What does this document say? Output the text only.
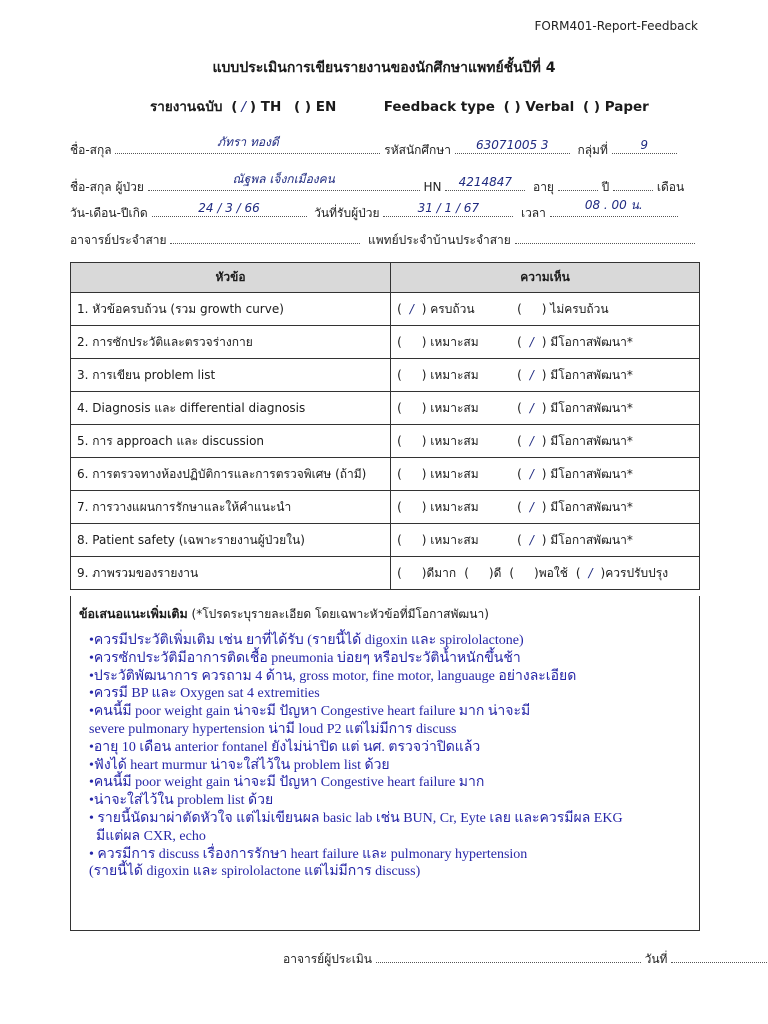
FORM401-Report-Feedback
แบบประเมินการเขียนรายงานของนักศึกษาแพทย์ชั้นปีที่ 4
รายงานฉบับ ( / ) TH ( ) EN	Feedback type ( ) Verbal ( ) Paper
ชื่อ-สกุล
ภัทรา ทองดี
รหัสนักศึกษา	63071005 3	กลุ่มที่	9
ชื่อ-สกุล ผู้ป่วย
ณัฐพล เจ็งกเมืองคน
HN	4214847	อายุ	ปี	เดือน
วัน-เดือน-ปีเกิด	24 / 3 / 66	วันที่รับผู้ป่วย	31 / 1 / 67	เวลา
08 . 00 น.
อาจารย์ประจำสาย	แพทย์ประจำบ้านประจำสาย
หัวข้อ	ความเห็น
1. หัวข้อครบถ้วน (รวม growth curve)	( / ) ครบถ้วน ( ) ไม่ครบถ้วน
2. การซักประวัติและตรวจร่างกาย	( ) เหมาะสม ( / ) มีโอกาสพัฒนา*
3. การเขียน problem list	( ) เหมาะสม ( / ) มีโอกาสพัฒนา*
4. Diagnosis และ differential diagnosis	( ) เหมาะสม ( / ) มีโอกาสพัฒนา*
5. การ approach และ discussion	( ) เหมาะสม ( / ) มีโอกาสพัฒนา*
6. การตรวจทางห้องปฏิบัติการและการตรวจพิเศษ (ถ้ามี)	( ) เหมาะสม ( / ) มีโอกาสพัฒนา*
7. การวางแผนการรักษาและให้คำแนะนำ	( ) เหมาะสม ( / ) มีโอกาสพัฒนา*
8. Patient safety (เฉพาะรายงานผู้ป่วยใน)	( ) เหมาะสม ( / ) มีโอกาสพัฒนา*
9. ภาพรวมของรายงาน	( )ดีมาก ( )ดี ( )พอใช้ ( / )ควรปรับปรุง
ข้อเสนอแนะเพิ่มเติม (*โปรดระบุรายละเอียด โดยเฉพาะหัวข้อที่มีโอกาสพัฒนา)
•ควรมีประวัติเพิ่มเติม เช่น ยาที่ได้รับ (รายนี้ได้ digoxin และ spirololactone)
•ควรซักประวัติมีอาการติดเชื้อ pneumonia บ่อยๆ หรือประวัติน้ำหนักขึ้นช้า
•ประวัติพัฒนาการ ควรถาม 4 ด้าน, gross motor, fine motor, languauge อย่างละเอียด
•ควรมี BP และ Oxygen sat 4 extremities
•คนนี้มี poor weight gain น่าจะมี ปัญหา Congestive heart failure มาก น่าจะมี
severe pulmonary hypertension น่ามี loud P2 แต่ไม่มีการ discuss
•อายุ 10 เดือน anterior fontanel ยังไม่น่าปิด แต่ นศ. ตรวจว่าปิดแล้ว
•ฟังได้ heart murmur น่าจะใส่ไว้ใน problem list ด้วย
•คนนี้มี poor weight gain น่าจะมี ปัญหา Congestive heart failure มาก
•น่าจะใส่ไว้ใน problem list ด้วย
• รายนี้นัดมาผ่าตัดหัวใจ แต่ไม่เขียนผล basic lab เช่น BUN, Cr, Eyte เลย และควรมีผล EKG
มีแต่ผล CXR, echo
• ควรมีการ discuss เรื่องการรักษา heart failure และ pulmonary hypertension
(รายนี้ได้ digoxin และ spirololactone แต่ไม่มีการ discuss)
อาจารย์ผู้ประเมิน	วันที่
